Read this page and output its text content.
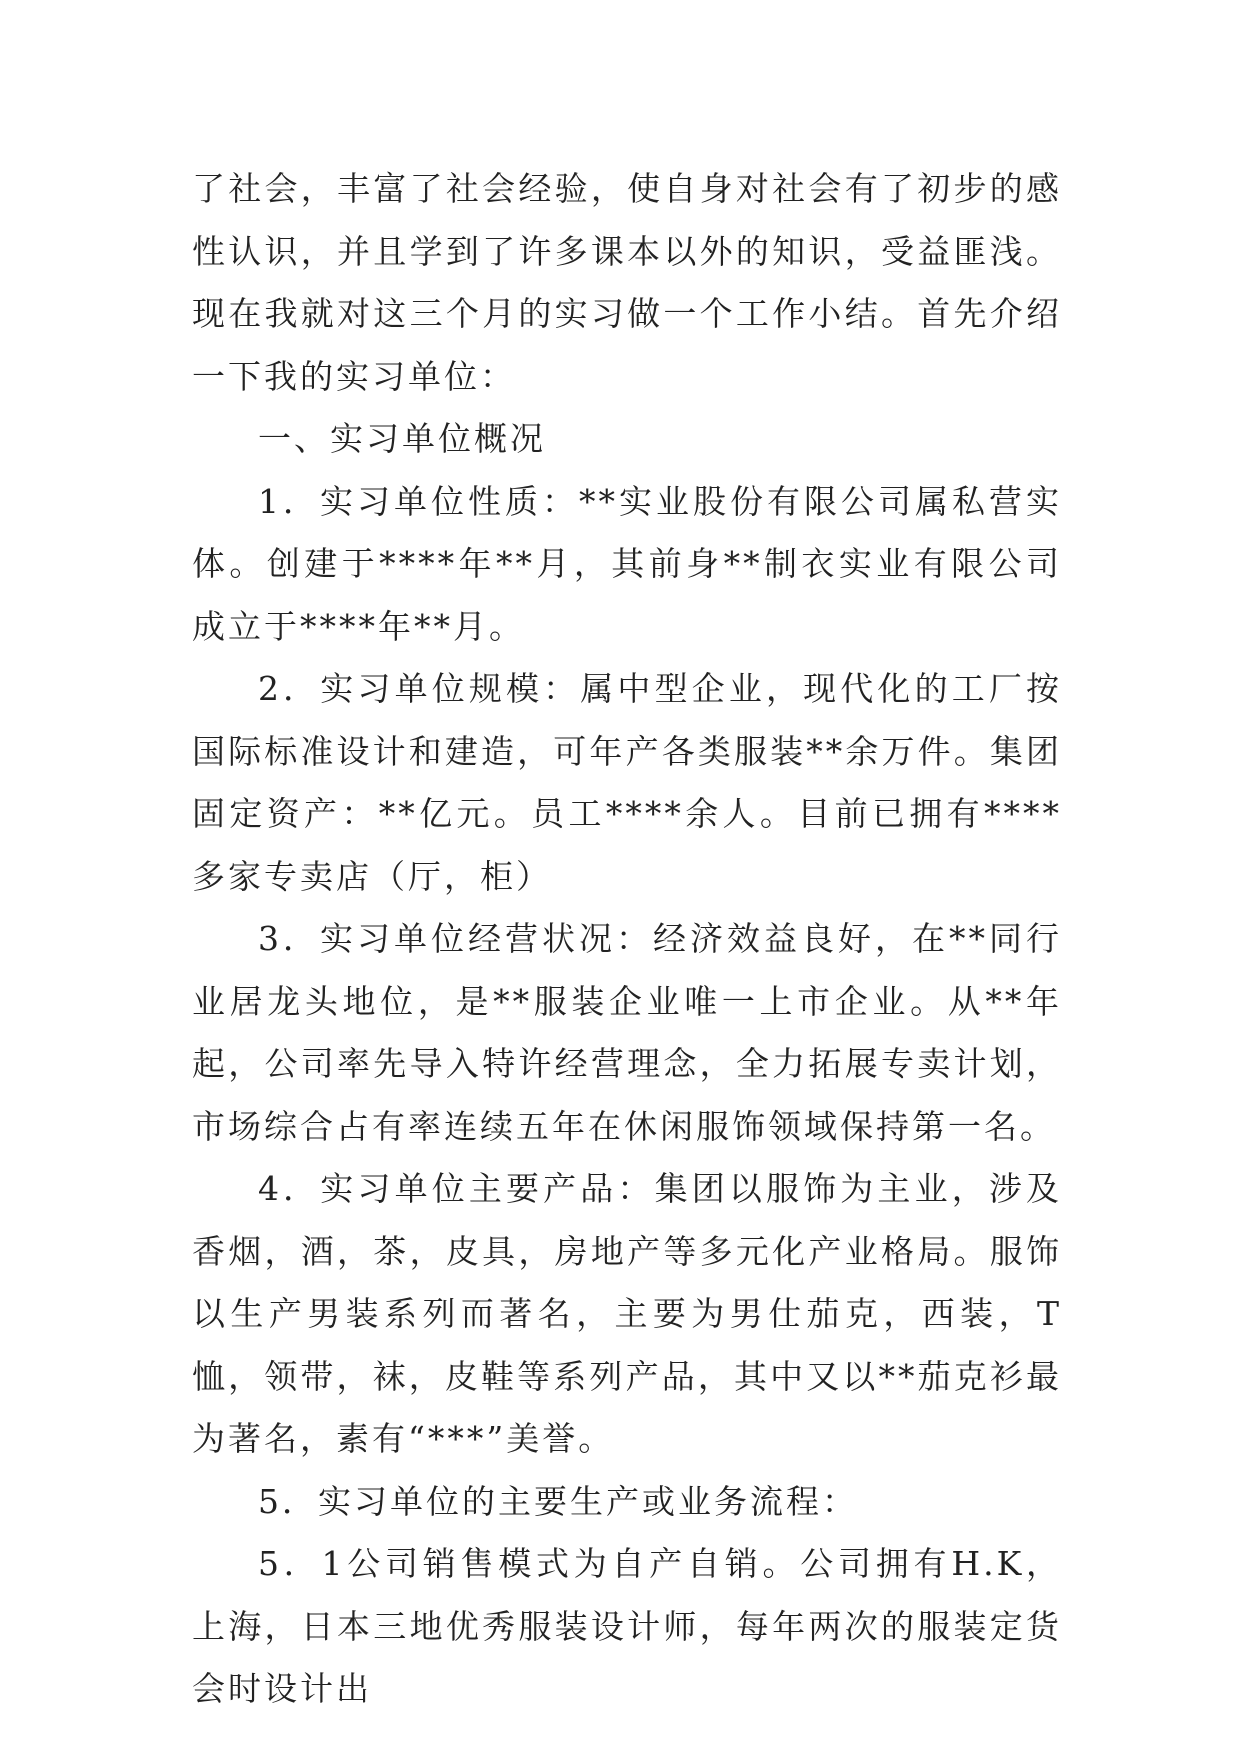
了社会，丰富了社会经验，使自身对社会有了初步的感性认识，并且学到了许多课本以外的知识，受益匪浅。现在我就对这三个月的实习做一个工作小结。首先介绍一下我的实习单位：

一、实习单位概况

1．实习单位性质：**实业股份有限公司属私营实体。创建于****年**月，其前身**制衣实业有限公司成立于****年**月。

2．实习单位规模：属中型企业，现代化的工厂按国际标准设计和建造，可年产各类服装**余万件。集团固定资产：**亿元。员工****余人。目前已拥有****多家专卖店（厅，柜）

3．实习单位经营状况：经济效益良好，在**同行业居龙头地位，是**服装企业唯一上市企业。从**年起，公司率先导入特许经营理念，全力拓展专卖计划，市场综合占有率连续五年在休闲服饰领域保持第一名。

4．实习单位主要产品：集团以服饰为主业，涉及香烟，酒，茶，皮具，房地产等多元化产业格局。服饰以生产男装系列而著名，主要为男仕茄克，西装，T恤，领带，袜，皮鞋等系列产品，其中又以**茄克衫最为著名，素有“***”美誉。

5．实习单位的主要生产或业务流程：

5．1公司销售模式为自产自销。公司拥有H.K，上海，日本三地优秀服装设计师，每年两次的服装定货会时设计出
